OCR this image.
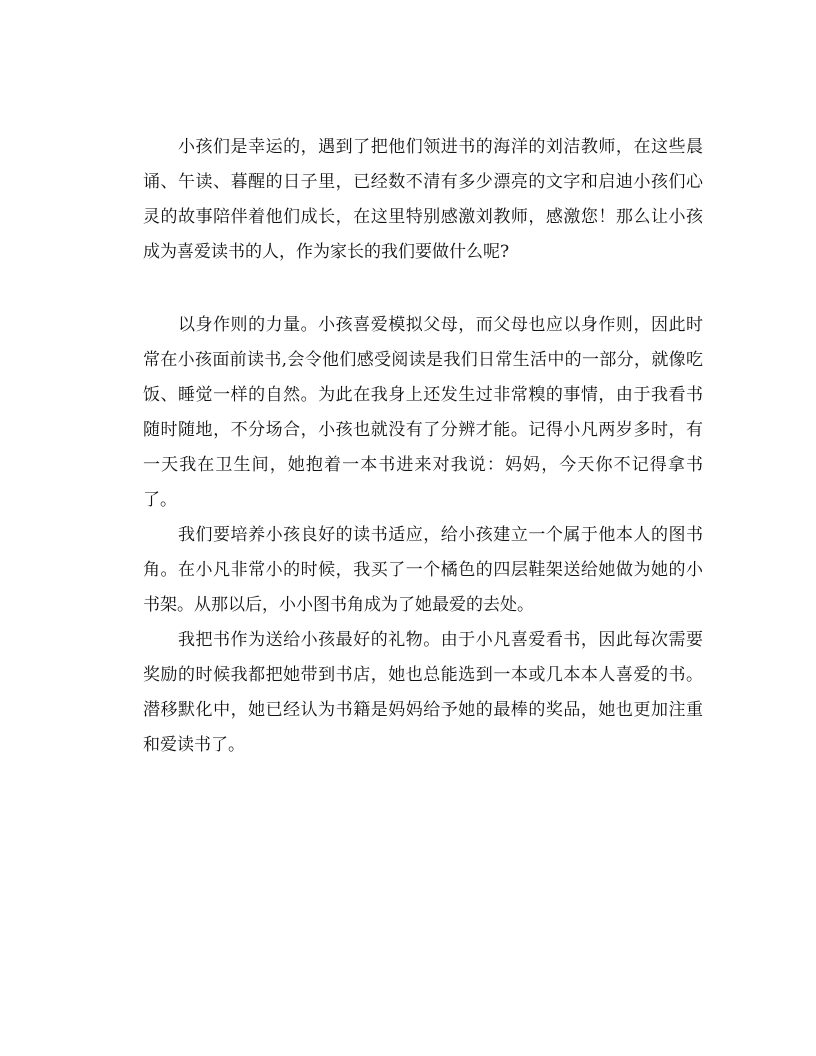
小孩们是幸运的，遇到了把他们领进书的海洋的刘洁教师，在这些晨诵、午读、暮醒的日子里，已经数不清有多少漂亮的文字和启迪小孩们心灵的故事陪伴着他们成长，在这里特别感激刘教师，感激您！那么让小孩成为喜爱读书的人，作为家长的我们要做什么呢?

以身作则的力量。小孩喜爱模拟父母，而父母也应以身作则，因此时常在小孩面前读书,会令他们感受阅读是我们日常生活中的一部分，就像吃饭、睡觉一样的自然。为此在我身上还发生过非常糗的事情，由于我看书随时随地，不分场合，小孩也就没有了分辨才能。记得小凡两岁多时，有一天我在卫生间，她抱着一本书进来对我说：妈妈，今天你不记得拿书了。

我们要培养小孩良好的读书适应，给小孩建立一个属于他本人的图书角。在小凡非常小的时候，我买了一个橘色的四层鞋架送给她做为她的小书架。从那以后，小小图书角成为了她最爱的去处。

我把书作为送给小孩最好的礼物。由于小凡喜爱看书，因此每次需要奖励的时候我都把她带到书店，她也总能选到一本或几本本人喜爱的书。潜移默化中，她已经认为书籍是妈妈给予她的最棒的奖品，她也更加注重和爱读书了。
